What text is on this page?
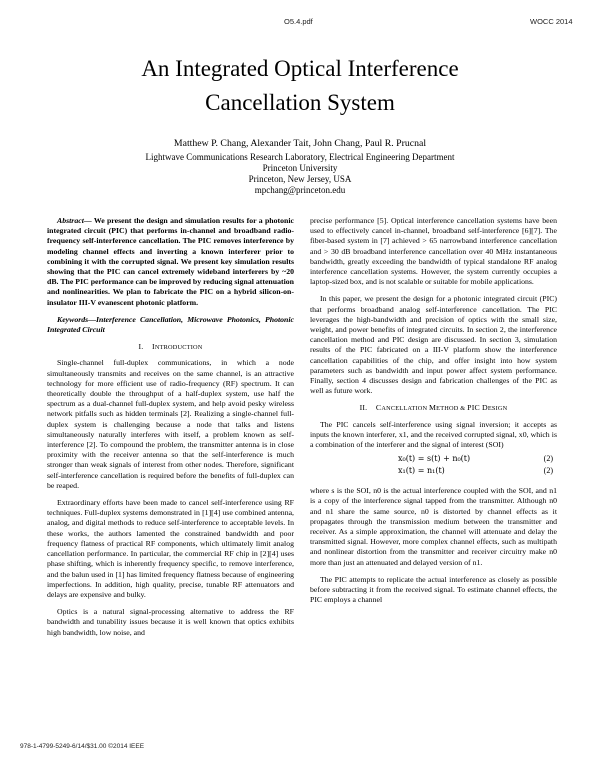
O5.4.pdf	WOCC 2014
An Integrated Optical Interference
Cancellation System
Matthew P. Chang, Alexander Tait, John Chang, Paul R. Prucnal
Lightwave Communications Research Laboratory, Electrical Engineering Department
Princeton University
Princeton, New Jersey, USA
mpchang@princeton.edu

Abstract— We present the design and simulation results for a photonic integrated circuit (PIC) that performs in-channel and broadband radio-frequency self-interference cancellation. The PIC removes interference by modeling channel effects and inverting a known interferer prior to combining it with the corrupted signal. We present key simulation results showing that the PIC can cancel extremely wideband interferers by ~20 dB. The PIC performance can be improved by reducing signal attenuation and nonlinearities. We plan to fabricate the PIC on a hybrid silicon-on-insulator III-V evanescent photonic platform.

Keywords—Interference Cancellation, Microwave Photonics, Photonic Integrated Circuit

I. INTRODUCTION

Single-channel full-duplex communications, in which a node simultaneously transmits and receives on the same channel, is an attractive technology for more efficient use of radio-frequency (RF) spectrum. It can theoretically double the throughput of a half-duplex system, use half the spectrum as a dual-channel full-duplex system, and help avoid pesky wireless network pitfalls such as hidden terminals [2]. Realizing a single-channel full-duplex system is challenging because a node that talks and listens simultaneously naturally interferes with itself, a problem known as self-interference [2]. To compound the problem, the transmitter antenna is in close proximity with the receiver antenna so that the self-interference is much stronger than weak signals of interest from other nodes. Therefore, significant self-interference cancellation is required before the benefits of full-duplex can be reaped.

Extraordinary efforts have been made to cancel self-interference using RF techniques. Full-duplex systems demonstrated in [1][4] use combined antenna, analog, and digital methods to reduce self-interference to acceptable levels. In these works, the authors lamented the constrained bandwidth and poor frequency flatness of practical RF components, which ultimately limit analog cancellation performance. In particular, the commercial RF chip in [2][4] uses phase shifting, which is inherently frequency specific, to remove interference, and the balun used in [1] has limited frequency flatness because of engineering imperfections. In addition, high quality, precise, tunable RF attenuators and delays are expensive and bulky.

Optics is a natural signal-processing alternative to address the RF bandwidth and tunability issues because it is well known that optics exhibits high bandwidth, low noise, and

precise performance [5]. Optical interference cancellation systems have been used to effectively cancel in-channel, broadband self-interference [6][7]. The fiber-based system in [7] achieved > 65 narrowband interference cancellation and > 30 dB broadband interference cancellation over 40 MHz instantaneous bandwidth, greatly exceeding the bandwidth of typical standalone RF analog interference cancellation systems. However, the system currently occupies a laptop-sized box, and is not scalable or suitable for mobile applications.

In this paper, we present the design for a photonic integrated circuit (PIC) that performs broadband analog self-interference cancellation. The PIC leverages the high-bandwidth and precision of optics with the small size, weight, and power benefits of integrated circuits. In section 2, the interference cancellation method and PIC design are discussed. In section 3, simulation results of the PIC fabricated on a III-V platform show the interference cancellation capabilities of the chip, and offer insight into how system parameters such as bandwidth and input power affect system performance. Finally, section 4 discusses design and fabrication challenges of the PIC as well as future work.

II. CANCELLATION METHOD & PIC DESIGN

The PIC cancels self-interference using signal inversion; it accepts as inputs the known interferer, x1, and the received corrupted signal, x0, which is a combination of the interferer and the signal of interest (SOI)

x₀(t) = s(t) + n₀(t)	(2)
x₁(t) = n₁(t)	(2)

where s is the SOI, n0 is the actual interference coupled with the SOI, and n1 is a copy of the interference signal tapped from the transmitter. Although n0 and n1 share the same source, n0 is distorted by channel effects as it propagates through the transmission medium between the transmitter and receiver. As a simple approximation, the channel will attenuate and delay the transmitted signal. However, more complex channel effects, such as multipath and nonlinear distortion from the transmitter and receiver circuitry make n0 more than just an attenuated and delayed version of n1.

The PIC attempts to replicate the actual interference as closely as possible before subtracting it from the received signal. To estimate channel effects, the PIC employs a channel

978-1-4799-5249-6/14/$31.00 ©2014 IEEE
